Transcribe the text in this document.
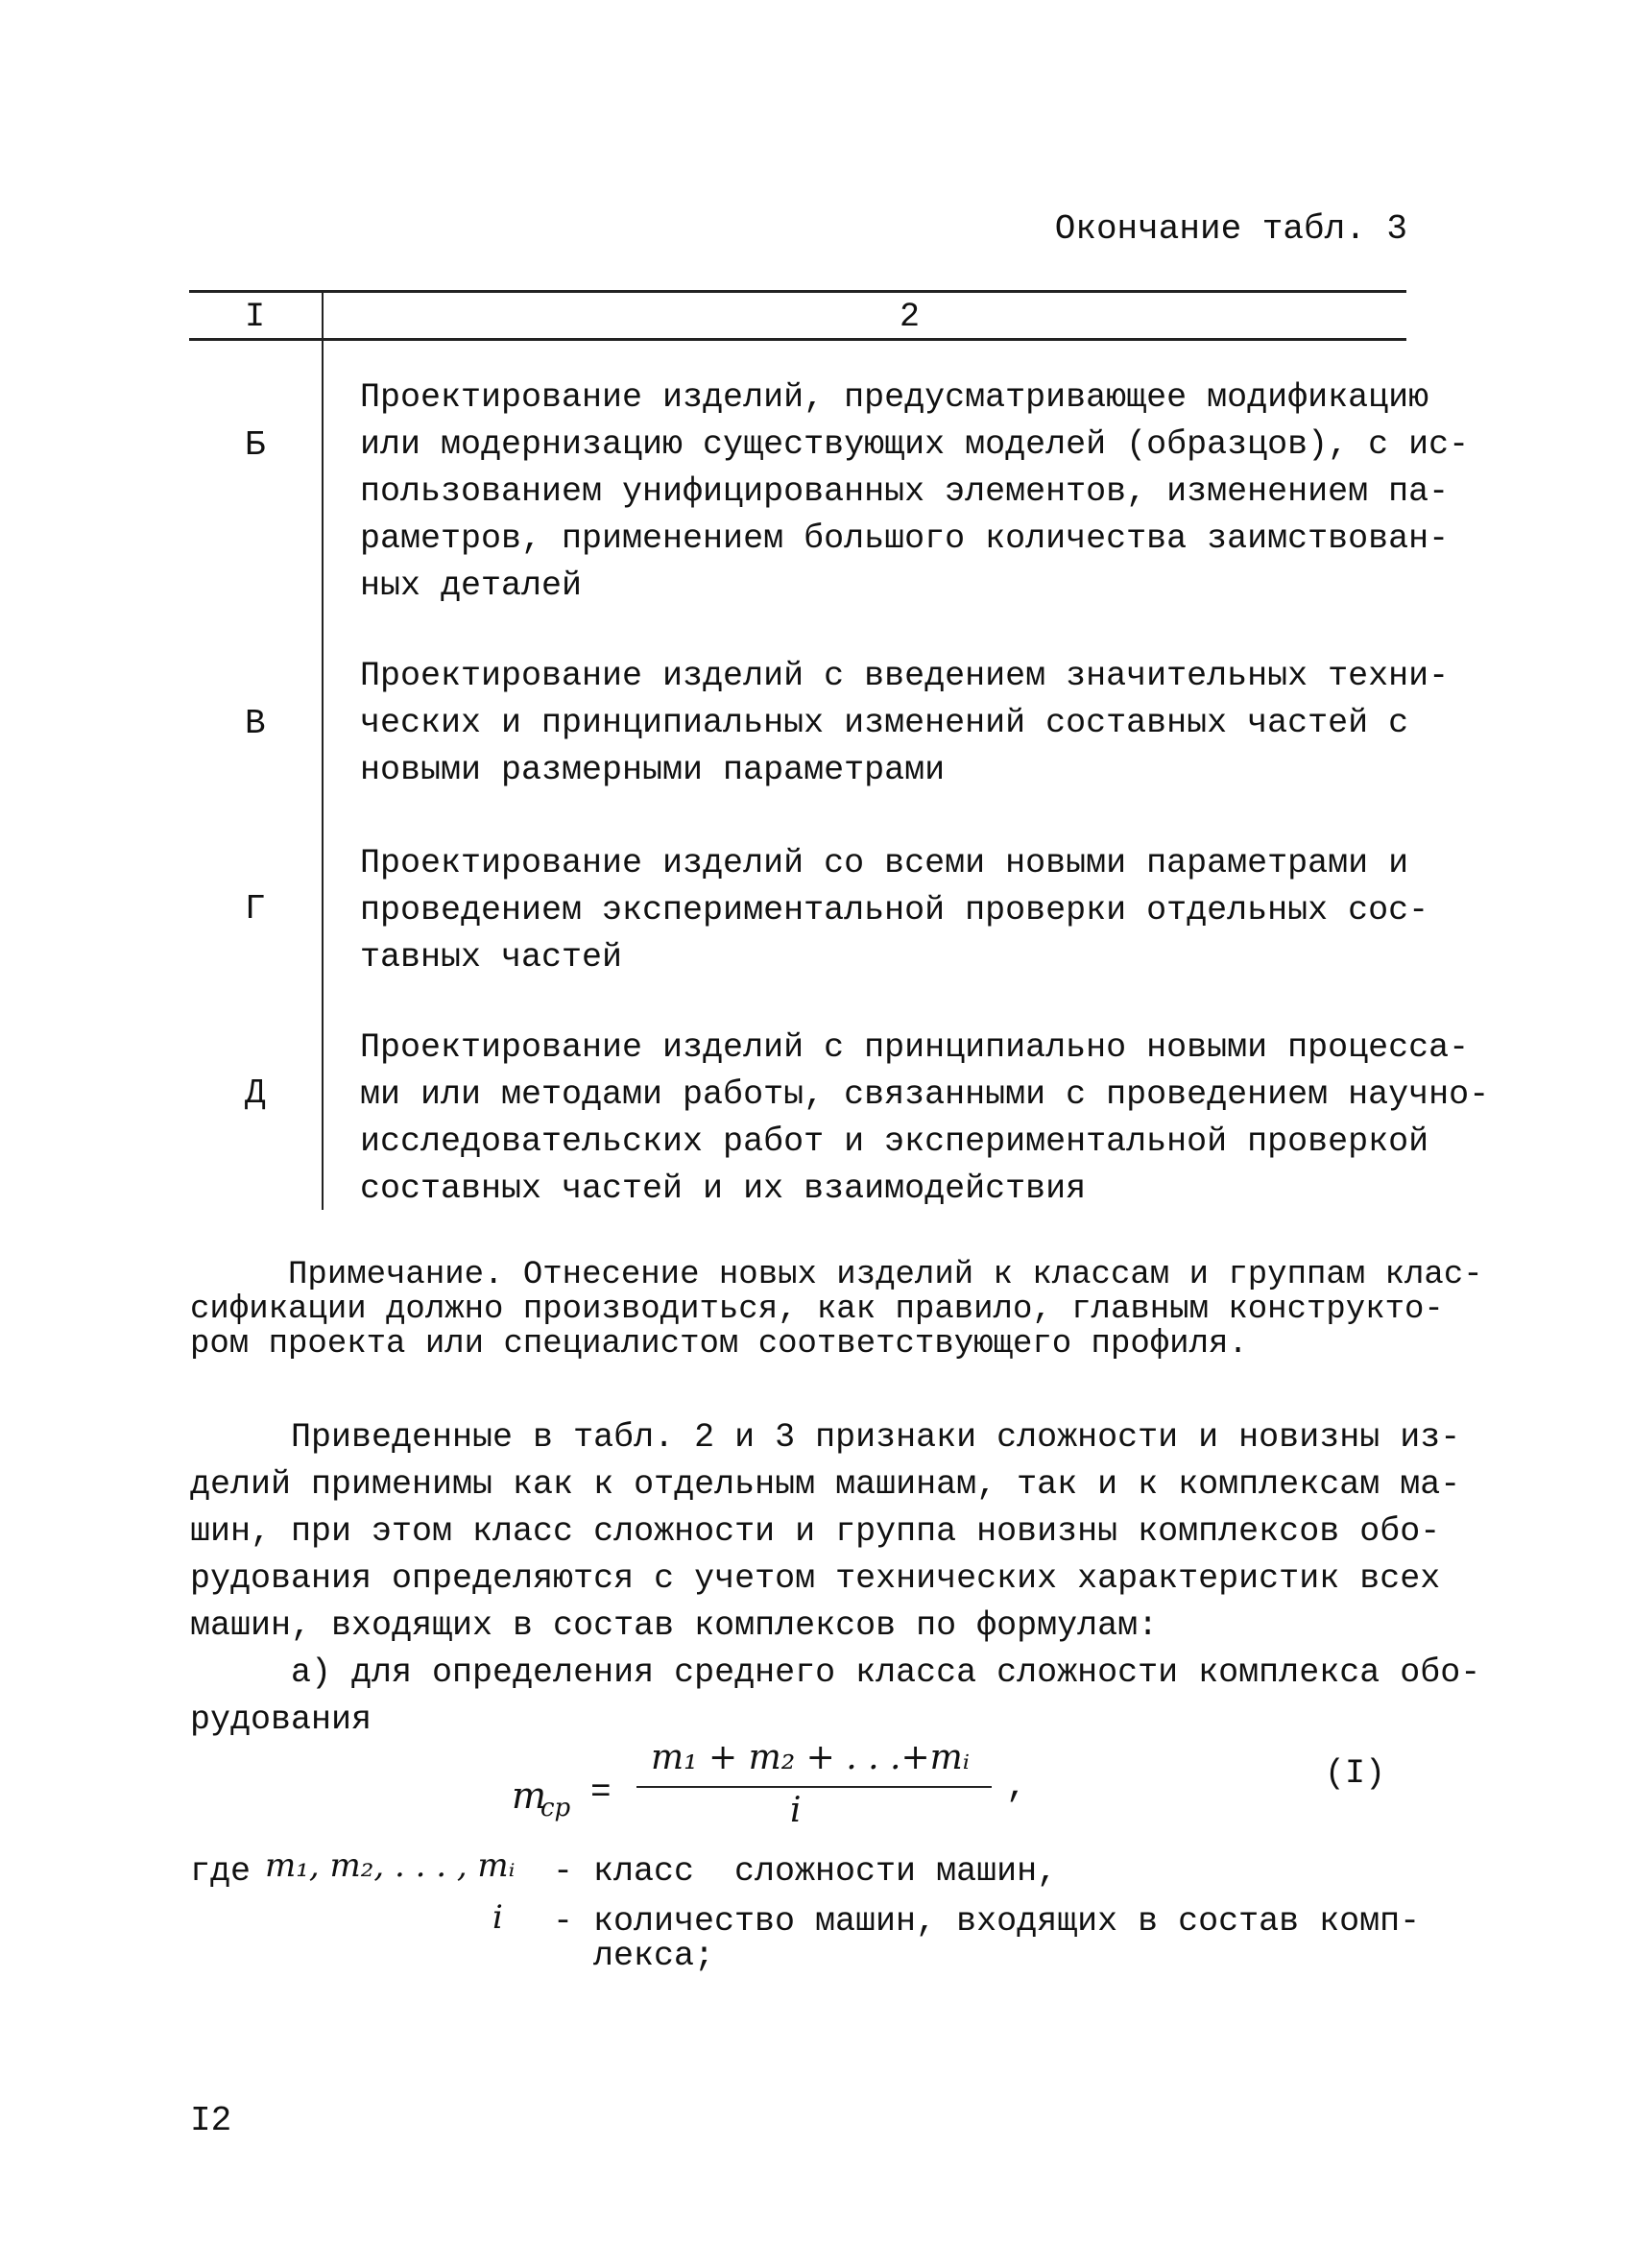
Окончание табл. 3
I	2
Б
Проектирование изделий, предусматривающее модификацию
или модернизацию существующих моделей (образцов), с ис-
пользованием унифицированных элементов, изменением па-
раметров, применением большого количества заимствован-
ных деталей
В
Проектирование изделий с введением значительных техни-
ческих и принципиальных изменений составных частей с
новыми размерными параметрами
Г
Проектирование изделий со всеми новыми параметрами и
проведением экспериментальной проверки отдельных сос-
тавных частей
Д
Проектирование изделий с принципиально новыми процесса-
ми или методами работы, связанными с проведением научно-
исследовательских работ и экспериментальной проверкой
составных частей и их взаимодействия
Примечание. Отнесение новых изделий к классам и группам клас-
сификации должно производиться, как правило, главным конструкто-
ром проекта или специалистом соответствующего профиля.
Приведенные в табл. 2 и 3 признаки сложности и новизны из-
делий применимы как к отдельным машинам, так и к комплексам ма-
шин, при этом класс сложности и группа новизны комплексов обо-
рудования определяются с учетом технических характеристик всех
машин, входящих в состав комплексов по формулам:
а) для определения среднего класса сложности комплекса обо-
рудования
m
ср =
m₁ + m₂ + . . .+mᵢ
i
,	(I)
где m₁, m₂, . . . , mᵢ - класс  сложности машин,
i - количество машин, входящих в состав комп-
лекса;
I2
